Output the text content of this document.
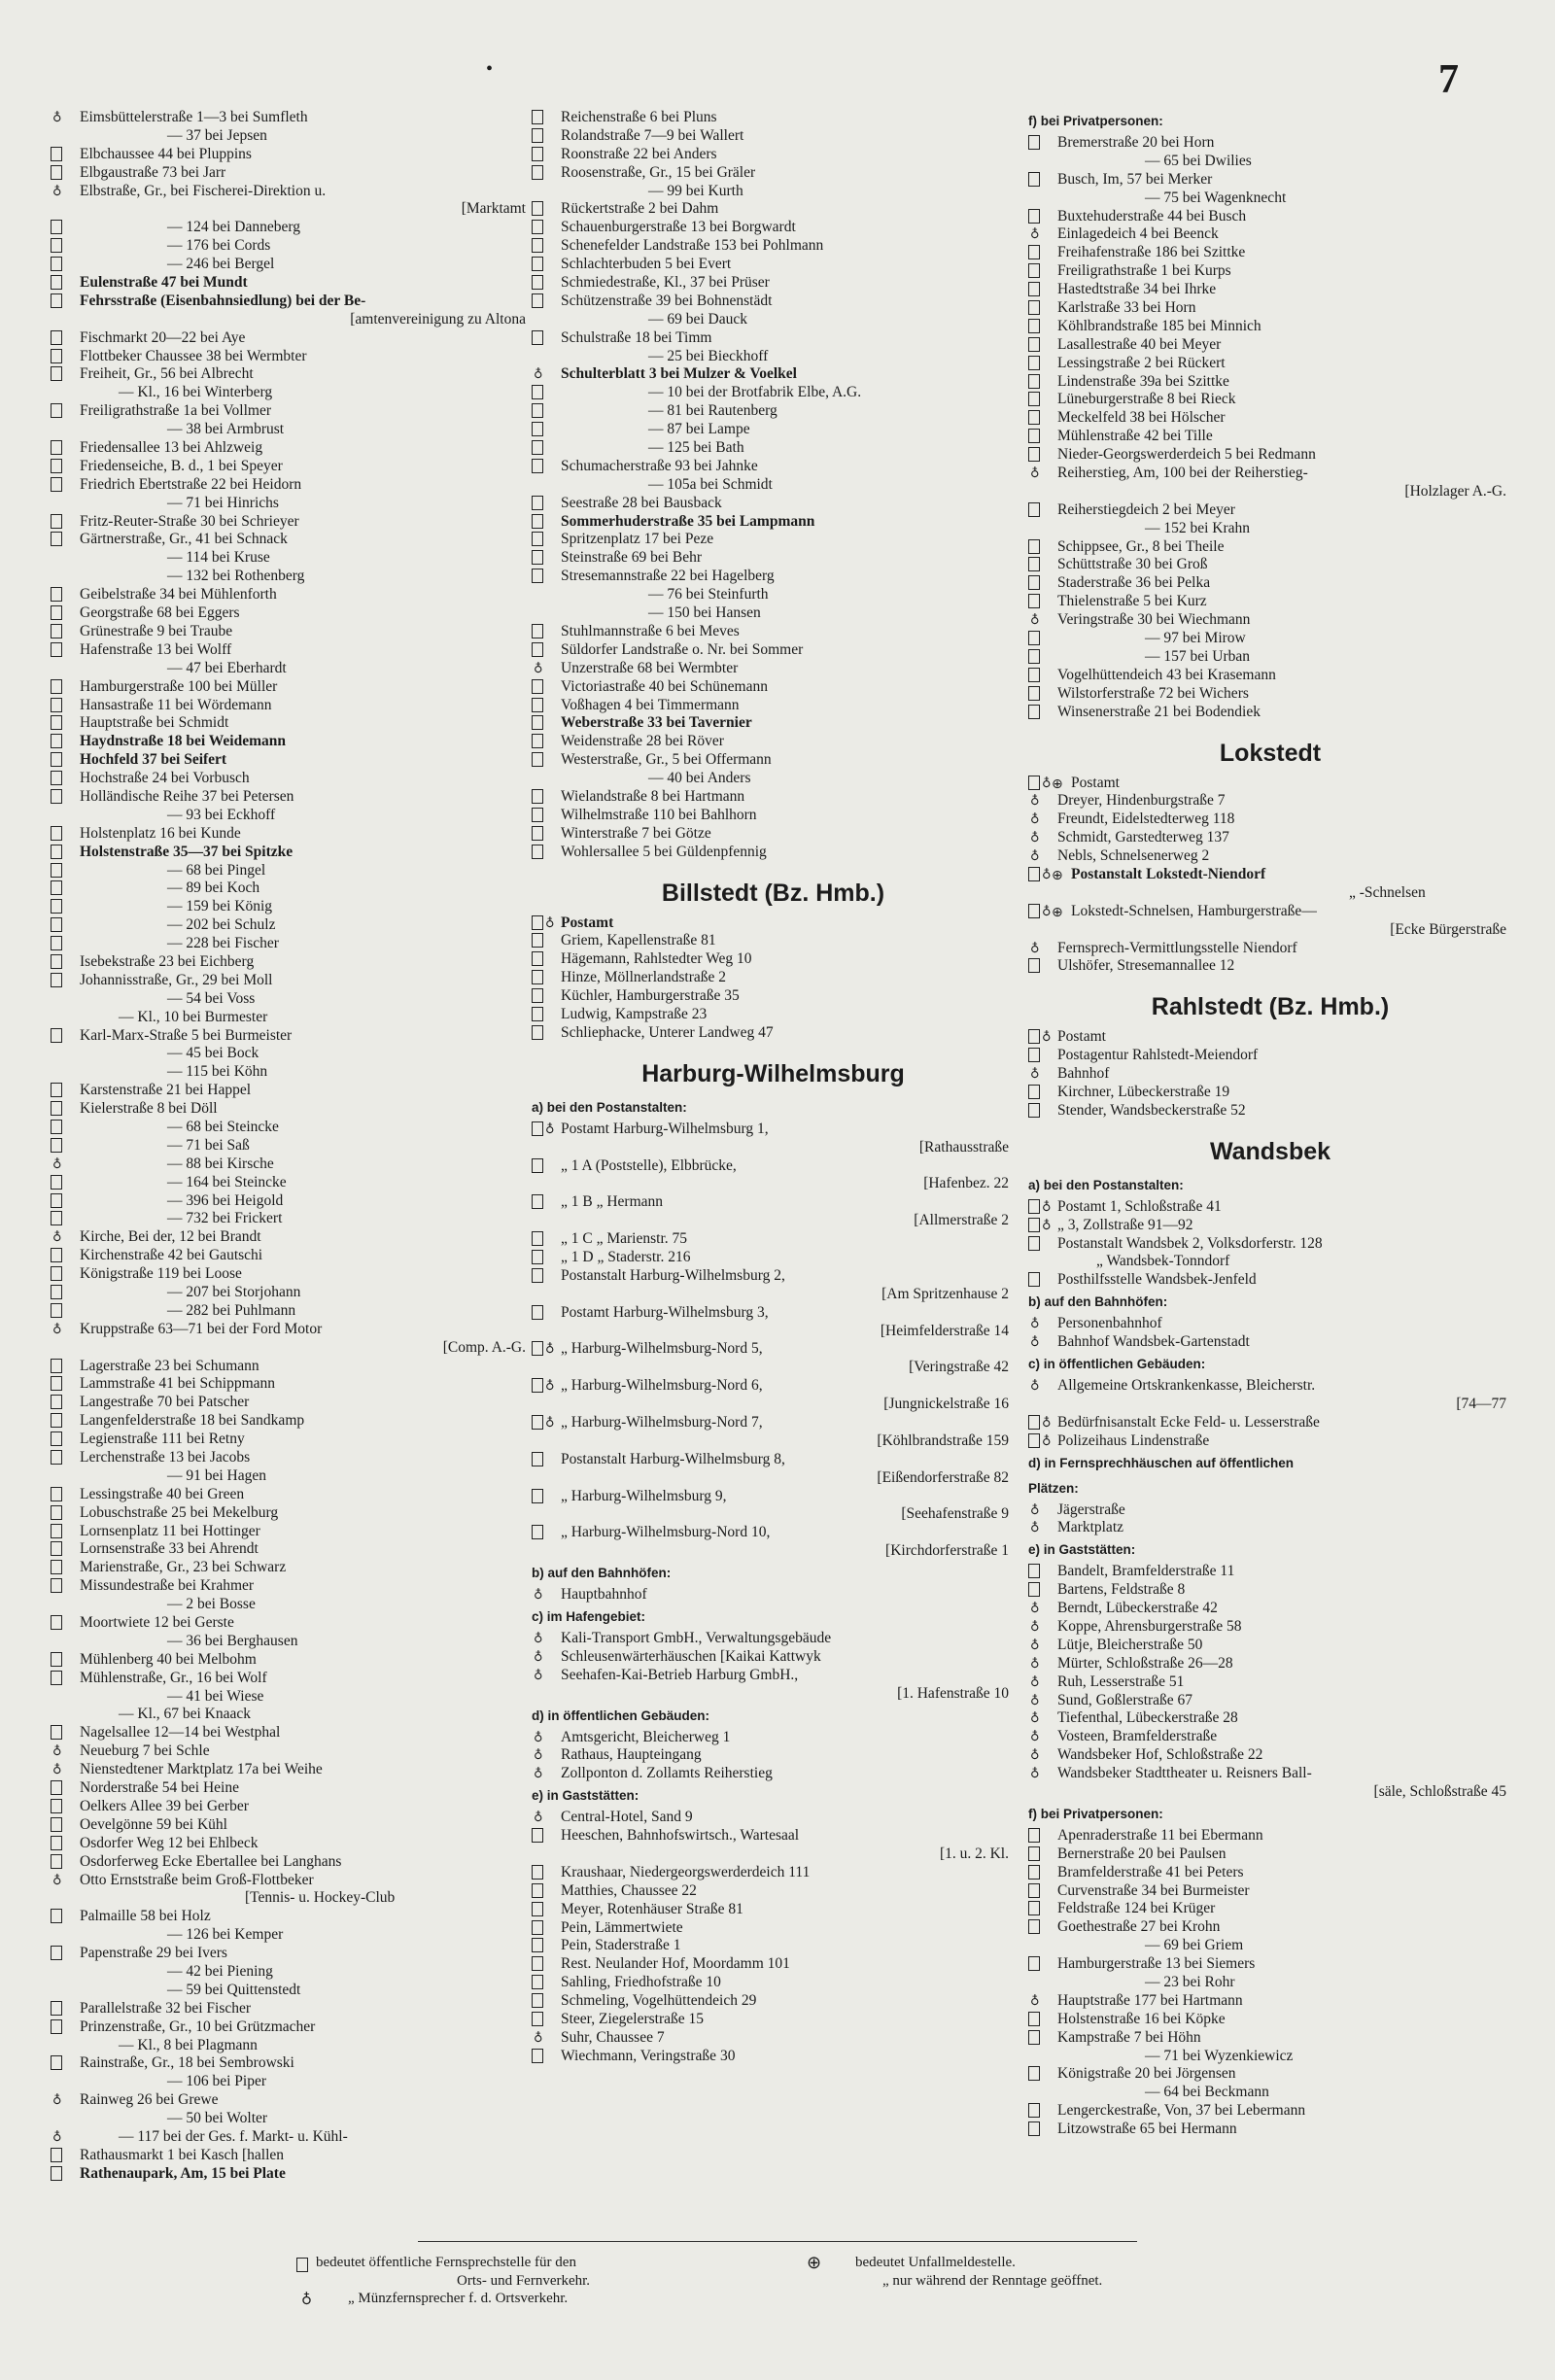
•	7
♁	Eimsbüttelerstraße 1—3 bei Sumfleth
— 37 bei Jepsen
Elbchaussee 44 bei Pluppins
Elbgaustraße 73 bei Jarr
♁	Elbstraße, Gr., bei Fischerei-Direktion u.
[Marktamt
— 124 bei Danneberg
— 176 bei Cords
— 246 bei Bergel
Eulenstraße 47 bei Mundt
Fehrsstraße (Eisenbahnsiedlung) bei der Be-
[amtenvereinigung zu Altona
Fischmarkt 20—22 bei Aye
Flottbeker Chaussee 38 bei Wermbter
Freiheit, Gr., 56 bei Albrecht
— Kl., 16 bei Winterberg
Freiligrathstraße 1a bei Vollmer
— 38 bei Armbrust
Friedensallee 13 bei Ahlzweig
Friedenseiche, B. d., 1 bei Speyer
Friedrich Ebertstraße 22 bei Heidorn
— 71 bei Hinrichs
Fritz-Reuter-Straße 30 bei Schrieyer
Gärtnerstraße, Gr., 41 bei Schnack
— 114 bei Kruse
— 132 bei Rothenberg
Geibelstraße 34 bei Mühlenforth
Georgstraße 68 bei Eggers
Grünestraße 9 bei Traube
Hafenstraße 13 bei Wolff
— 47 bei Eberhardt
Hamburgerstraße 100 bei Müller
Hansastraße 11 bei Wördemann
Hauptstraße bei Schmidt
Haydnstraße 18 bei Weidemann
Hochfeld 37 bei Seifert
Hochstraße 24 bei Vorbusch
Holländische Reihe 37 bei Petersen
— 93 bei Eckhoff
Holstenplatz 16 bei Kunde
Holstenstraße 35—37 bei Spitzke
— 68 bei Pingel
— 89 bei Koch
— 159 bei König
— 202 bei Schulz
— 228 bei Fischer
Isebekstraße 23 bei Eichberg
Johannisstraße, Gr., 29 bei Moll
— 54 bei Voss
— Kl., 10 bei Burmester
Karl-Marx-Straße 5 bei Burmeister
— 45 bei Bock
— 115 bei Köhn
Karstenstraße 21 bei Happel
Kielerstraße 8 bei Döll
— 68 bei Steincke
— 71 bei Saß
♁	— 88 bei Kirsche
— 164 bei Steincke
— 396 bei Heigold
— 732 bei Frickert
♁	Kirche, Bei der, 12 bei Brandt
Kirchenstraße 42 bei Gautschi
Königstraße 119 bei Loose
— 207 bei Storjohann
— 282 bei Puhlmann
♁	Kruppstraße 63—71 bei der Ford Motor
[Comp. A.-G.
Lagerstraße 23 bei Schumann
Lammstraße 41 bei Schippmann
Langestraße 70 bei Patscher
Langenfelderstraße 18 bei Sandkamp
Legienstraße 111 bei Retny
Lerchenstraße 13 bei Jacobs
— 91 bei Hagen
Lessingstraße 40 bei Green
Lobuschstraße 25 bei Mekelburg
Lornsenplatz 11 bei Hottinger
Lornsenstraße 33 bei Ahrendt
Marienstraße, Gr., 23 bei Schwarz
Missundestraße bei Krahmer
— 2 bei Bosse
Moortwiete 12 bei Gerste
— 36 bei Berghausen
Mühlenberg 40 bei Melbohm
Mühlenstraße, Gr., 16 bei Wolf
— 41 bei Wiese
— Kl., 67 bei Knaack
Nagelsallee 12—14 bei Westphal
♁	Neueburg 7 bei Schle
♁	Nienstedtener Marktplatz 17a bei Weihe
Norderstraße 54 bei Heine
Oelkers Allee 39 bei Gerber
Oevelgönne 59 bei Kühl
Osdorfer Weg 12 bei Ehlbeck
Osdorferweg Ecke Ebertallee bei Langhans
♁	Otto Ernststraße beim Groß-Flottbeker
[Tennis- u. Hockey-Club
Palmaille 58 bei Holz
— 126 bei Kemper
Papenstraße 29 bei Ivers
— 42 bei Piening
— 59 bei Quittenstedt
Parallelstraße 32 bei Fischer
Prinzenstraße, Gr., 10 bei Grützmacher
— Kl., 8 bei Plagmann
Rainstraße, Gr., 18 bei Sembrowski
— 106 bei Piper
♁	Rainweg 26 bei Grewe
— 50 bei Wolter
♁	— 117 bei der Ges. f. Markt- u. Kühl-
Rathausmarkt 1 bei Kasch [hallen
Rathenaupark, Am, 15 bei Plate
Reichenstraße 6 bei Pluns
Rolandstraße 7—9 bei Wallert
Roonstraße 22 bei Anders
Roosenstraße, Gr., 15 bei Gräler
— 99 bei Kurth
Rückertstraße 2 bei Dahm
Schauenburgerstraße 13 bei Borgwardt
Schenefelder Landstraße 153 bei Pohlmann
Schlachterbuden 5 bei Evert
Schmiedestraße, Kl., 37 bei Prüser
Schützenstraße 39 bei Bohnenstädt
— 69 bei Dauck
Schulstraße 18 bei Timm
— 25 bei Bieckhoff
♁	Schulterblatt 3 bei Mulzer & Voelkel
— 10 bei der Brotfabrik Elbe, A.G.
— 81 bei Rautenberg
— 87 bei Lampe
— 125 bei Bath
Schumacherstraße 93 bei Jahnke
— 105a bei Schmidt
Seestraße 28 bei Bausback
Sommerhuderstraße 35 bei Lampmann
Spritzenplatz 17 bei Peze
Steinstraße 69 bei Behr
Stresemannstraße 22 bei Hagelberg
— 76 bei Steinfurth
— 150 bei Hansen
Stuhlmannstraße 6 bei Meves
Süldorfer Landstraße o. Nr. bei Sommer
♁	Unzerstraße 68 bei Wermbter
Victoriastraße 40 bei Schünemann
Voßhagen 4 bei Timmermann
Weberstraße 33 bei Tavernier
Weidenstraße 28 bei Röver
Westerstraße, Gr., 5 bei Offermann
— 40 bei Anders
Wielandstraße 8 bei Hartmann
Wilhelmstraße 110 bei Bahlhorn
Winterstraße 7 bei Götze
Wohlersallee 5 bei Güldenpfennig
Billstedt (Bz. Hmb.)
♁ Postamt
Griem, Kapellenstraße 81
Hägemann, Rahlstedter Weg 10
Hinze, Möllnerlandstraße 2
Küchler, Hamburgerstraße 35
Ludwig, Kampstraße 23
Schliephacke, Unterer Landweg 47
Harburg-Wilhelmsburg
a) bei den Postanstalten:
♁ Postamt Harburg-Wilhelmsburg 1,
[Rathausstraße
„ 1 A (Poststelle), Elbbrücke,
[Hafenbez. 22
„ 1 B „ Hermann
[Allmerstraße 2
„ 1 C „ Marienstr. 75
„ 1 D „ Staderstr. 216
Postanstalt Harburg-Wilhelmsburg 2,
[Am Spritzenhause 2
Postamt Harburg-Wilhelmsburg 3,
[Heimfelderstraße 14
♁ „ Harburg-Wilhelmsburg-Nord 5,
[Veringstraße 42
♁ „ Harburg-Wilhelmsburg-Nord 6,
[Jungnickelstraße 16
♁ „ Harburg-Wilhelmsburg-Nord 7,
[Köhlbrandstraße 159
Postanstalt Harburg-Wilhelmsburg 8,
[Eißendorferstraße 82
„ Harburg-Wilhelmsburg 9,
[Seehafenstraße 9
„ Harburg-Wilhelmsburg-Nord 10,
[Kirchdorferstraße 1
b) auf den Bahnhöfen:
♁	Hauptbahnhof
c) im Hafengebiet:
♁	Kali-Transport GmbH., Verwaltungsgebäude
♁	Schleusenwärterhäuschen [Kaikai Kattwyk
♁	Seehafen-Kai-Betrieb Harburg GmbH.,
[1. Hafenstraße 10
d) in öffentlichen Gebäuden:
♁	Amtsgericht, Bleicherweg 1
♁	Rathaus, Haupteingang
♁	Zollponton d. Zollamts Reiherstieg
e) in Gaststätten:
♁	Central-Hotel, Sand 9
Heeschen, Bahnhofswirtsch., Wartesaal
[1. u. 2. Kl.
Kraushaar, Niedergeorgswerderdeich 111
Matthies, Chaussee 22
Meyer, Rotenhäuser Straße 81
Pein, Lämmertwiete
Pein, Staderstraße 1
Rest. Neulander Hof, Moordamm 101
Sahling, Friedhofstraße 10
Schmeling, Vogelhüttendeich 29
Steer, Ziegelerstraße 15
♁	Suhr, Chaussee 7
Wiechmann, Veringstraße 30
f) bei Privatpersonen:
Bremerstraße 20 bei Horn
— 65 bei Dwilies
Busch, Im, 57 bei Merker
— 75 bei Wagenknecht
Buxtehuderstraße 44 bei Busch
♁	Einlagedeich 4 bei Beenck
Freihafenstraße 186 bei Szittke
Freiligrathstraße 1 bei Kurps
Hastedtstraße 34 bei Ihrke
Karlstraße 33 bei Horn
Köhlbrandstraße 185 bei Minnich
Lasallestraße 40 bei Meyer
Lessingstraße 2 bei Rückert
Lindenstraße 39a bei Szittke
Lüneburgerstraße 8 bei Rieck
Meckelfeld 38 bei Hölscher
Mühlenstraße 42 bei Tille
Nieder-Georgswerderdeich 5 bei Redmann
♁	Reiherstieg, Am, 100 bei der Reiherstieg-
[Holzlager A.-G.
Reiherstiegdeich 2 bei Meyer
— 152 bei Krahn
Schippsee, Gr., 8 bei Theile
Schüttstraße 30 bei Groß
Staderstraße 36 bei Pelka
Thielenstraße 5 bei Kurz
♁	Veringstraße 30 bei Wiechmann
— 97 bei Mirow
— 157 bei Urban
Vogelhüttendeich 43 bei Krasemann
Wilstorferstraße 72 bei Wichers
Winsenerstraße 21 bei Bodendiek
Lokstedt
♁ ⊕ Postamt
♁	Dreyer, Hindenburgstraße 7
♁	Freundt, Eidelstedterweg 118
♁	Schmidt, Garstedterweg 137
♁	Nebls, Schnelsenerweg 2
♁ ⊕ Postanstalt Lokstedt-Niendorf
„ -Schnelsen
♁ ⊕ Lokstedt-Schnelsen, Hamburgerstraße—
[Ecke Bürgerstraße
♁	Fernsprech-Vermittlungsstelle Niendorf
Ulshöfer, Stresemannallee 12
Rahlstedt (Bz. Hmb.)
♁ Postamt
Postagentur Rahlstedt-Meiendorf
♁	Bahnhof
Kirchner, Lübeckerstraße 19
Stender, Wandsbeckerstraße 52
Wandsbek
a) bei den Postanstalten:
♁ Postamt 1, Schloßstraße 41
♁ „ 3, Zollstraße 91—92
Postanstalt Wandsbek 2, Volksdorferstr. 128
„ Wandsbek-Tonndorf
Posthilfsstelle Wandsbek-Jenfeld
b) auf den Bahnhöfen:
♁	Personenbahnhof
♁	Bahnhof Wandsbek-Gartenstadt
c) in öffentlichen Gebäuden:
♁	Allgemeine Ortskrankenkasse, Bleicherstr.
[74—77
♁ Bedürfnisanstalt Ecke Feld- u. Lesserstraße
♁ Polizeihaus Lindenstraße
d) in Fernsprechhäuschen auf öffentlichen
Plätzen:
♁	Jägerstraße
♁	Marktplatz
e) in Gaststätten:
Bandelt, Bramfelderstraße 11
Bartens, Feldstraße 8
♁	Berndt, Lübeckerstraße 42
♁	Koppe, Ahrensburgerstraße 58
♁	Lütje, Bleicherstraße 50
♁	Mürter, Schloßstraße 26—28
♁	Ruh, Lesserstraße 51
♁	Sund, Goßlerstraße 67
♁	Tiefenthal, Lübeckerstraße 28
♁	Vosteen, Bramfelderstraße
♁	Wandsbeker Hof, Schloßstraße 22
♁	Wandsbeker Stadttheater u. Reisners Ball-
[säle, Schloßstraße 45
f) bei Privatpersonen:
Apenraderstraße 11 bei Ebermann
Bernerstraße 20 bei Paulsen
Bramfelderstraße 41 bei Peters
Curvenstraße 34 bei Burmeister
Feldstraße 124 bei Krüger
Goethestraße 27 bei Krohn
— 69 bei Griem
Hamburgerstraße 13 bei Siemers
— 23 bei Rohr
♁	Hauptstraße 177 bei Hartmann
Holstenstraße 16 bei Köpke
Kampstraße 7 bei Höhn
— 71 bei Wyzenkiewicz
Königstraße 20 bei Jörgensen
— 64 bei Beckmann
Lengerckestraße, Von, 37 bei Lebermann
Litzowstraße 65 bei Hermann
bedeutet öffentliche Fernsprechstelle für den
Orts- und Fernverkehr.
♁ „ Münzfernsprecher f. d. Ortsverkehr.
⊕ bedeutet Unfallmeldestelle.
„ nur während der Renntage geöffnet.
